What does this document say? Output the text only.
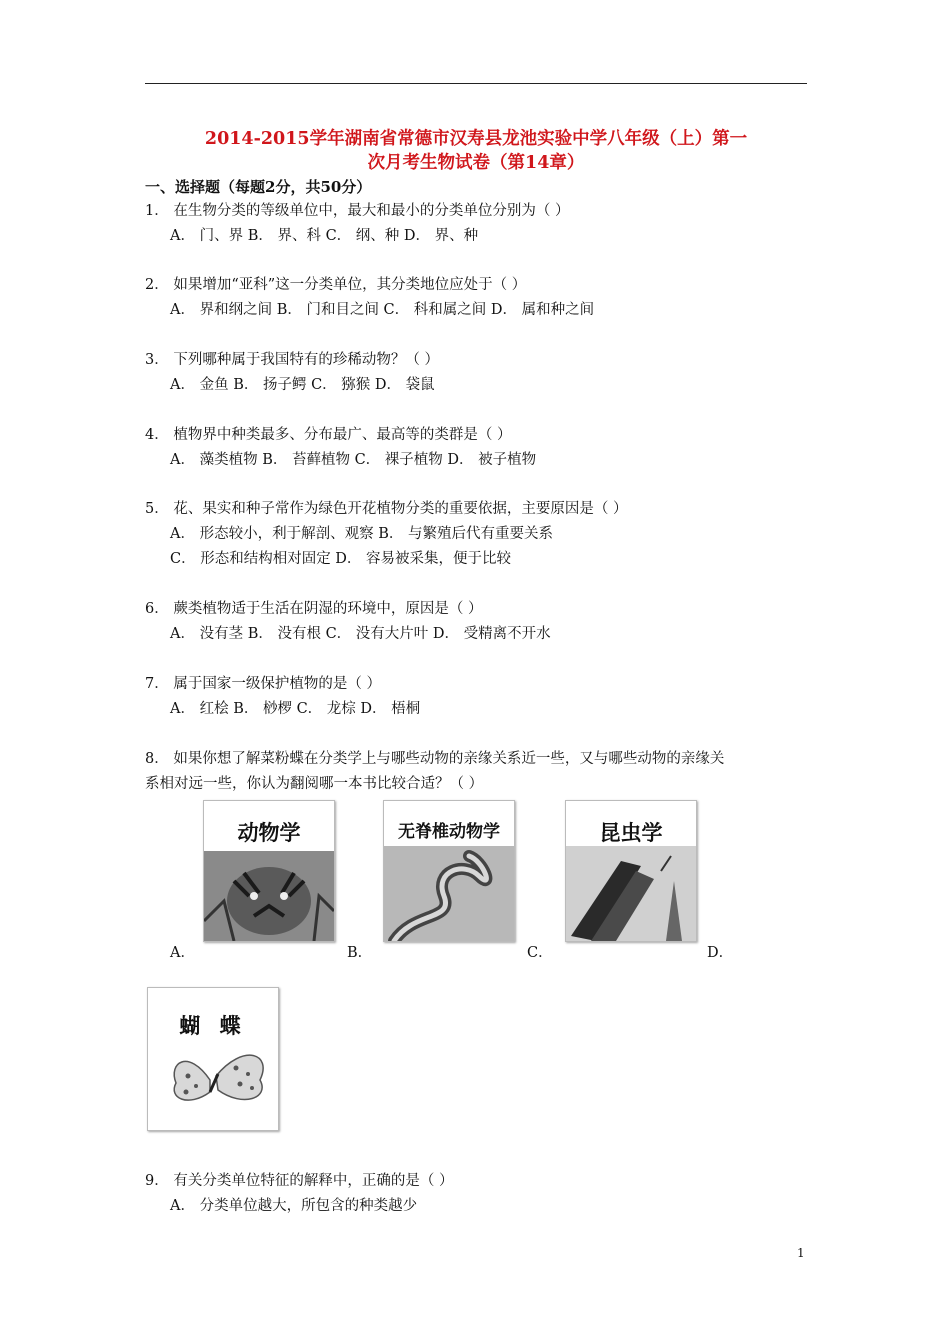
2014-2015学年湖南省常德市汉寿县龙池实验中学八年级（上）第一
次月考生物试卷（第14章）
一、选择题（每题2分，共50分）
1． 在生物分类的等级单位中，最大和最小的分类单位分别为（ ）
A． 门、界 B． 界、科 C． 纲、种 D． 界、种
2． 如果增加“亚科”这一分类单位，其分类地位应处于（ ）
A． 界和纲之间 B． 门和目之间 C． 科和属之间 D． 属和种之间
3． 下列哪种属于我国特有的珍稀动物？（ ）
A． 金鱼 B． 扬子鳄 C． 猕猴 D． 袋鼠
4． 植物界中种类最多、分布最广、最高等的类群是（ ）
A． 藻类植物 B． 苔藓植物 C． 裸子植物 D． 被子植物
5． 花、果实和种子常作为绿色开花植物分类的重要依据，主要原因是（ ）
A． 形态较小，利于解剖、观察 B． 与繁殖后代有重要关系
C． 形态和结构相对固定 D． 容易被采集，便于比较
6． 蕨类植物适于生活在阴湿的环境中，原因是（ ）
A． 没有茎 B． 没有根 C． 没有大片叶 D． 受精离不开水
7． 属于国家一级保护植物的是（ ）
A． 红桧 B． 桫椤 C． 龙棕 D． 梧桐
8． 如果你想了解菜粉蝶在分类学上与哪些动物的亲缘关系近一些，又与哪些动物的亲缘关
系相对远一些，你认为翻阅哪一本书比较合适？（ ）
动物学	无脊椎动物学	昆虫学
A．	B．	C．	D．
蝴 蝶
9． 有关分类单位特征的解释中，正确的是（ ）
A． 分类单位越大，所包含的种类越少
1
